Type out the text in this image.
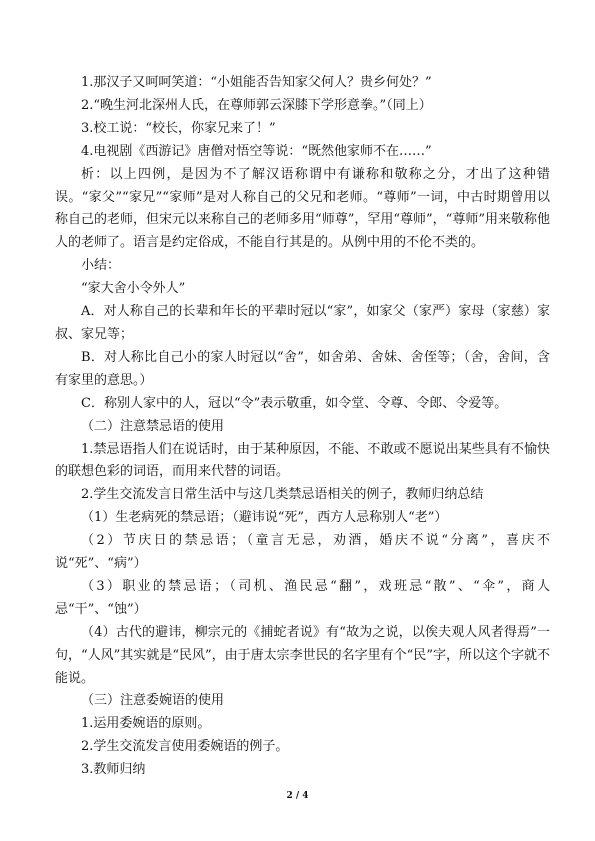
1.那汉子又呵呵笑道：“小姐能否告知家父何人？贵乡何处？”

2.“晚生河北深州人氏，在尊师郭云深膝下学形意拳。”（同上）

3.校工说：“校长，你家兄来了！”

4.电视剧《西游记》唐僧对悟空等说：“既然他家师不在……”

析：以上四例，是因为不了解汉语称谓中有谦称和敬称之分，才出了这种错误。“家父”“家兄”“家师”是对人称自己的父兄和老师。“尊师”一词，中古时期曾用以称自己的老师，但宋元以来称自己的老师多用“师尊”，罕用“尊师”，“尊师”用来敬称他人的老师了。语言是约定俗成，不能自行其是的。从例中用的不伦不类的。

小结：

“家大舍小令外人”

A．对人称自己的长辈和年长的平辈时冠以“家”，如家父（家严）家母（家慈）家叔、家兄等；

B．对人称比自己小的家人时冠以“舍”，如舍弟、舍妹、舍侄等；（舍，舍间，含有家里的意思。）

C．称别人家中的人，冠以“令”表示敬重，如令堂、令尊、令郎、令爱等。

（二）注意禁忌语的使用

1.禁忌语指人们在说话时，由于某种原因，不能、不敢或不愿说出某些具有不愉快的联想色彩的词语，而用来代替的词语。

2.学生交流发言日常生活中与这几类禁忌语相关的例子，教师归纳总结

（1）生老病死的禁忌语；（避讳说“死”，西方人忌称别人“老”）

（2）节庆日的禁忌语；（童言无忌，劝酒，婚庆不说“分离”，喜庆不说“死”、“病”）

（3）职业的禁忌语；（司机、渔民忌“翻”，戏班忌“散”、“伞”，商人忌“干”、“蚀”）

（4）古代的避讳，柳宗元的《捕蛇者说》有“故为之说，以俟夫观人风者得焉”一句，“人风”其实就是“民风”，由于唐太宗李世民的名字里有个“民”字，所以这个字就不能说。

（三）注意委婉语的使用

1.运用委婉语的原则。

2.学生交流发言使用委婉语的例子。

3.教师归纳

2 / 4
